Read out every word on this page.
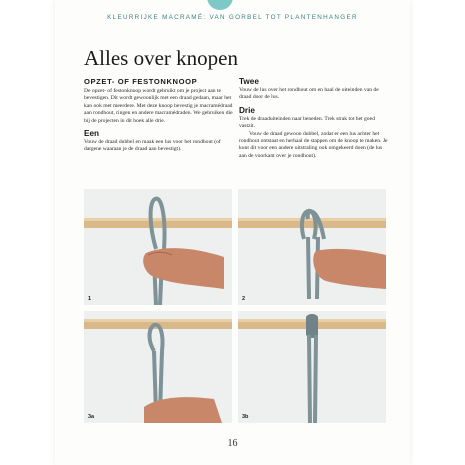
KLEURRIJKE MACRAMÉ: VAN GORBEL TOT PLANTENHANGER
Alles over knopen
OPZET- OF FESTONKNOOP

De opzet- of festonknoop wordt gebruikt om je project aan te bevestigen. Dit wordt gewoonlijk met een draad gedaan, maar het kan ook met meerdere. Met deze knoop bevestig je macramédraad aan rondhout, ringen en andere macramédraden. We gebruiken die bij de projecten in dit boek alle drie.

Een

Vouw de draad dubbel en maak een lus voor het rondhout (of datgene waaraan je de draad aan bevestigt).

Twee

Vouw de lus over het rondhout om en haal de uiteinden van de draad door de lus.

Drie

Trek de draaduiteinden naar beneden. Trek strak tot het goed vastzit.

Vouw de draad gewoon dubbel, zodat er een lus achter het rondhout ontstaat en herhaal de stappen om de knoop te maken. Je kunt dit voor een andere uitstraling ook omgekeerd doen (de lus aan de voorkant over je rondhout).

1	2
3a	3b
16
